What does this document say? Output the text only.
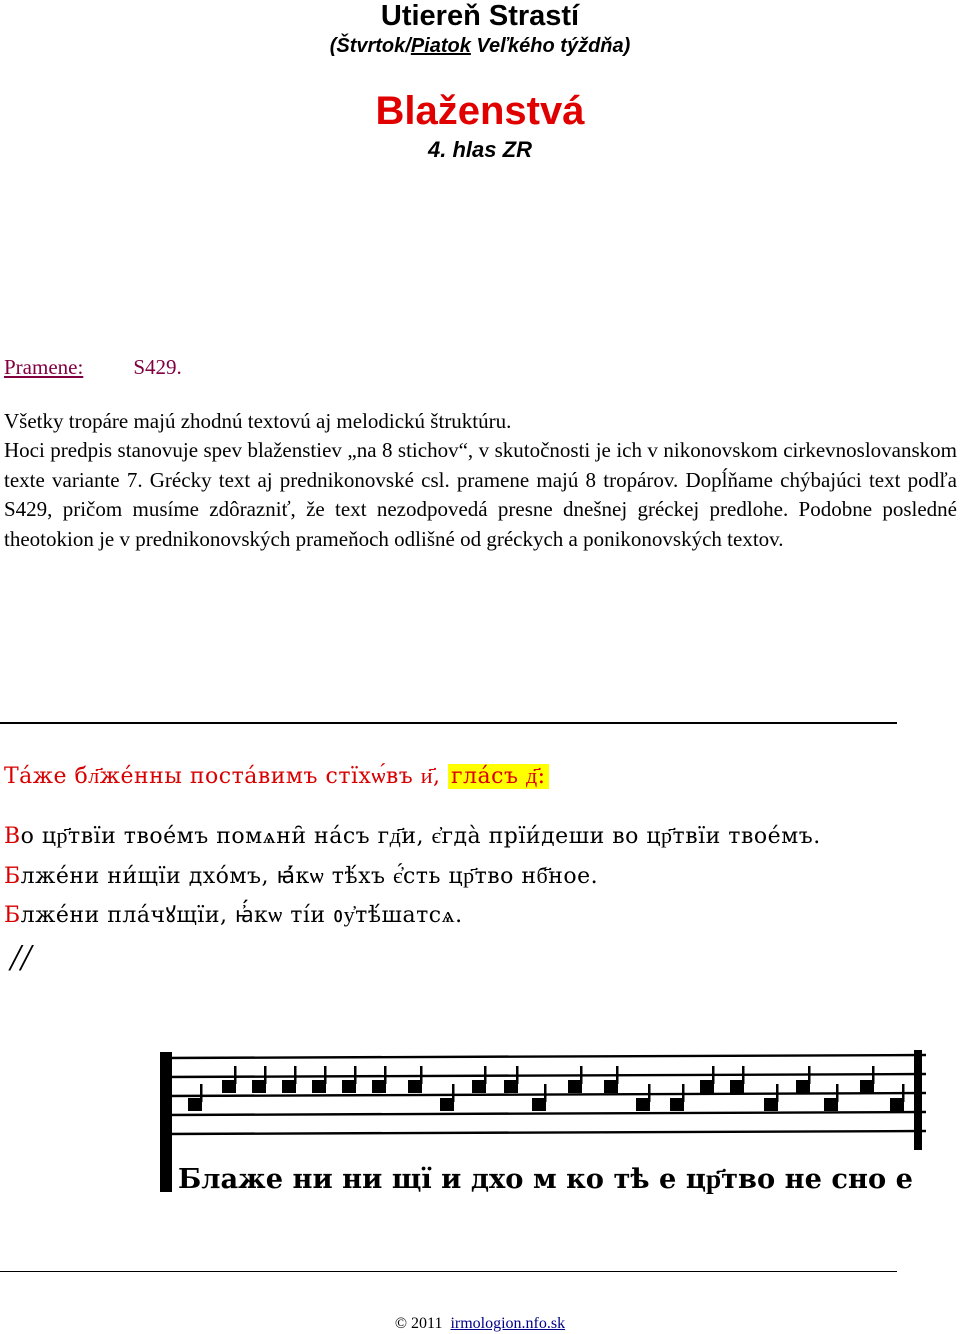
Utiereň Strastí
(Štvrtok/Piatok Veľkého týždňa)
Blaženstvá
4. hlas ZR
Pramene: S429.
Všetky tropáre majú zhodnú textovú aj melodickú štruktúru.
Hoci predpis stanovuje spev blaženstiev „na 8 stichov“, v skutočnosti je ich v nikonovskom cirkevnoslovanskom texte variante 7. Grécky text aj prednikonovské csl. pramene majú 8 tropárov. Dopĺňame chýbajúci text podľa S429, pričom musíme zdôrazniť, že text nezodpovedá presne dnešnej gréckej predlohe. Podobne posledné theotokion je v prednikonovských prameňoch odlišné od gréckych a ponikonovských textov.
Та́же бл҃же́нны поста́вимъ стїхѡ́въ и҃, гла́съ д҃:
Во цр҃твїи твое́мъ помѧни̑ на́съ гд҃и, є҆гда̀ прїи́деши во цр҃твїи твое́мъ.
Блже́ни ни́щїи дхо́мъ, ꙗ҆́кѡ тѣ́хъ є҆́сть цр҃тво нб҃ное.
Блже́ни пла́чꙋщїи, ꙗ҆́кѡ ті́и ᲂу҆тѣ́шатсѧ.
//
Блаже ни ни щї и дхо м ко тѣ е цр҃тво не сно е
© 2011 irmologion.nfo.sk
